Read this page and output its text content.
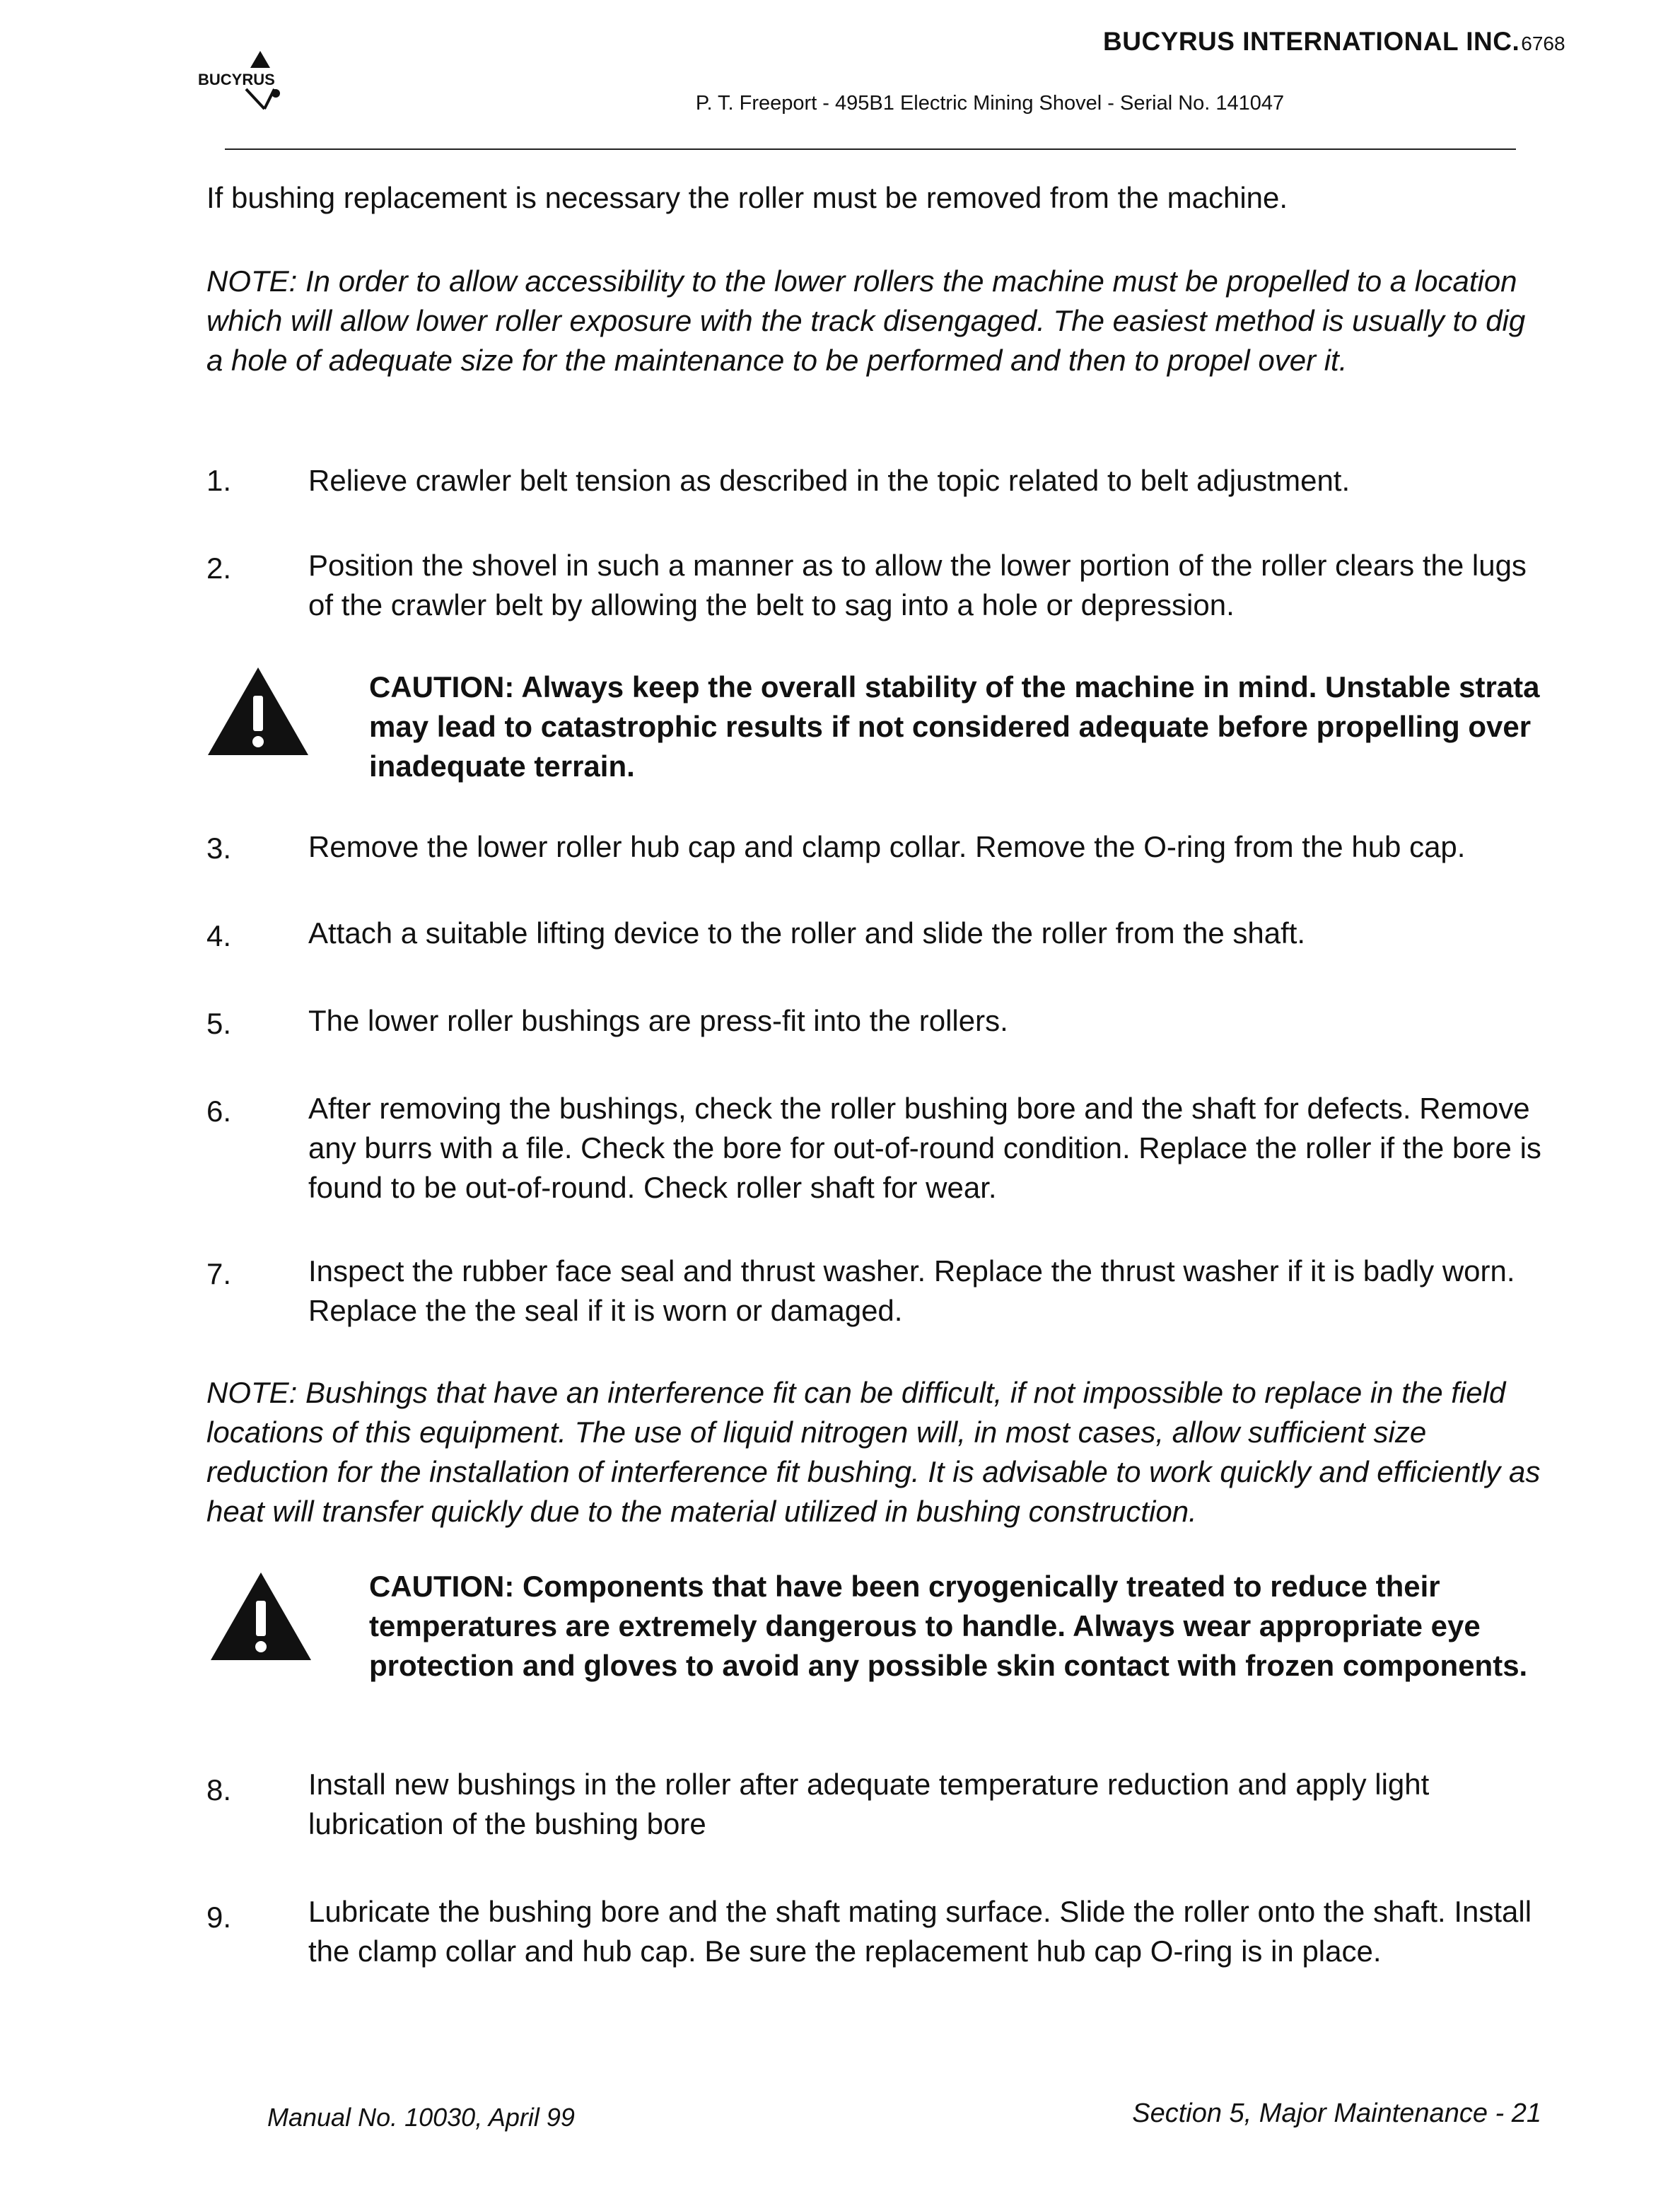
BUCYRUS
BUCYRUS INTERNATIONAL INC.6768
P. T. Freeport - 495B1 Electric Mining Shovel - Serial No. 141047
If bushing replacement is necessary the roller must be removed from the machine.
NOTE: In order to allow accessibility to the lower rollers the machine must be propelled to a location which will allow lower roller exposure with the track disengaged. The easiest method is usually to dig a hole of adequate size for the maintenance to be performed and then to propel over it.
1.	Relieve crawler belt tension as described in the topic related to belt adjustment.
2.	Position the shovel in such a manner as to allow the lower portion of the roller clears the lugs of the crawler belt by allowing the belt to sag into a hole or depression.
CAUTION: Always keep the overall stability of the machine in mind. Unstable strata may lead to catastrophic results if not considered adequate before propelling over inadequate terrain.
3.	Remove the lower roller hub cap and clamp collar. Remove the O-ring from the hub cap.
4.	Attach a suitable lifting device to the roller and slide the roller from the shaft.
5.	The lower roller bushings are press-fit into the rollers.
6.	After removing the bushings, check the roller bushing bore and the shaft for defects. Remove any burrs with a file. Check the bore for out-of-round condition. Replace the roller if the bore is found to be out-of-round. Check roller shaft for wear.
7.	Inspect the rubber face seal and thrust washer. Replace the thrust washer if it is badly worn. Replace the the seal if it is worn or damaged.
NOTE: Bushings that have an interference fit can be difficult, if not impossible to replace in the field locations of this equipment. The use of liquid nitrogen will, in most cases, allow sufficient size reduction for the installation of interference fit bushing. It is advisable to work quickly and efficiently as heat will transfer quickly due to the material utilized in bushing construction.
CAUTION: Components that have been cryogenically treated to reduce their temperatures are extremely dangerous to handle. Always wear appropriate eye protection and gloves to avoid any possible skin contact with frozen components.
8.	Install new bushings in the roller after adequate temperature reduction and apply light lubrication of the bushing bore
9.	Lubricate the bushing bore and the shaft mating surface. Slide the roller onto the shaft. Install the clamp collar and hub cap. Be sure the replacement hub cap O-ring is in place.
Manual No. 10030, April 99	Section 5, Major Maintenance - 21
